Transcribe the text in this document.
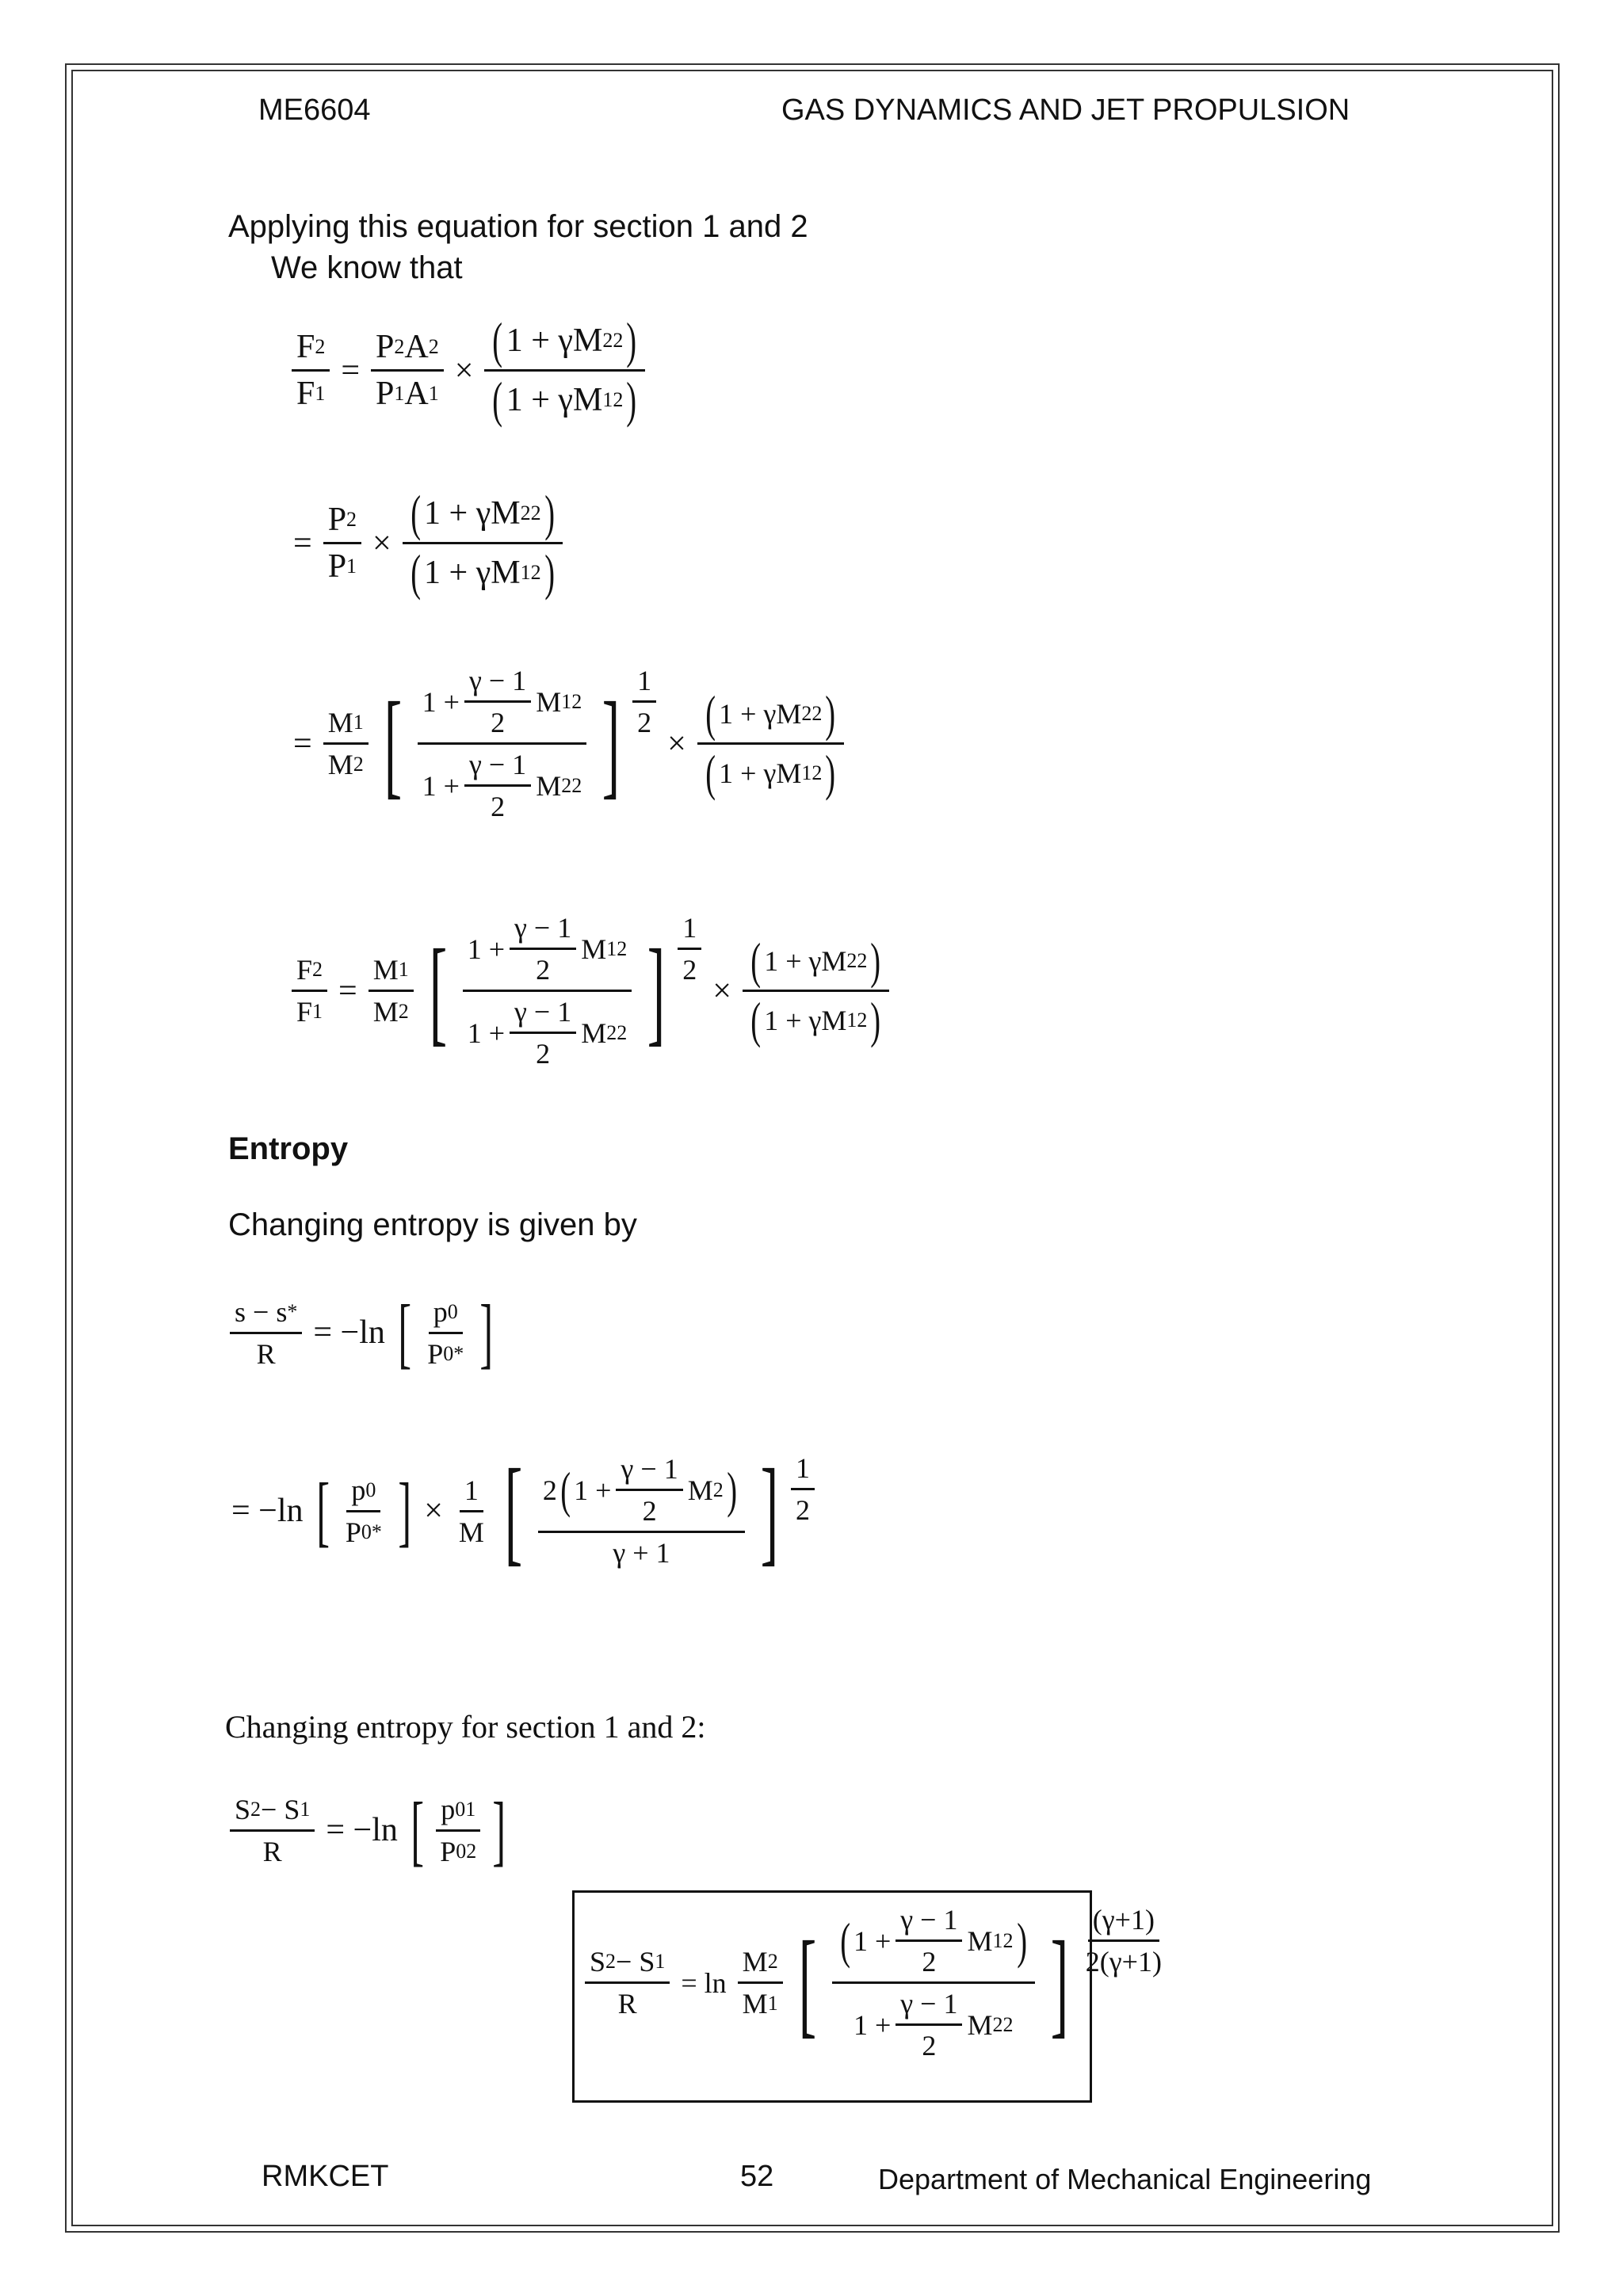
ME6604	GAS DYNAMICS AND JET PROPULSION
Applying this equation for section 1 and 2
We know that
$\frac{F 2}{F 1} = \frac{P 2 A 2}{P 1 A 1} \times \frac{( 1 + \gamma M 2 2 )}{( 1 + \gamma M 1 2 )}$
= $\frac{P 2}{P 1} \times \frac{( 1 + \gamma M 2 2 )}{( 1 + \gamma M 1 2 )}$
= $\frac{M 1}{M 2}$ [ $\frac{1 + \frac{\gamma - 1}{2} M 1 2}{1 + \frac{\gamma - 1}{2} M 2 2}$ ] $\frac{1}{2}$
× $\frac{( 1 + \gamma M 2 2 )}{( 1 + \gamma M 1 2 )}$
$\frac{F 2}{F 1} = \frac{M 1}{M 2}$ [ $\frac{1 + \frac{\gamma - 1}{2} M 1 2}{1 + \frac{\gamma - 1}{2} M 2 2}$ ] $\frac{1}{2}$
× $\frac{( 1 + \gamma M 2 2 )}{( 1 + \gamma M 1 2 )}$
Entropy
Changing entropy is given by
$\frac{s - s *}{R} = -\ln$ [ $\frac{p 0}{P 0 *}$ ]
= −ln [ $\frac{p 0}{P 0 *}$ ] × $\frac{1}{M}$ [ $\frac{2 ( 1 + \frac{\gamma - 1}{2} M 2 )}{\gamma + 1}$ ] $\frac{1}{2}$
Changing entropy for section 1 and 2:
$\frac{S 2 - S 1}{R} = -\ln$ [ $\frac{p 01}{P 02}$ ]
$\frac{S 2 - S 1}{R} = \ln \frac{M 2}{M 1}$ [ $\frac{( 1 + \frac{\gamma - 1}{2} M 1 2 )}{1 + \frac{\gamma - 1}{2} M 2 2}$ ] $\frac{(\gamma+1)}{2(\gamma+1)}$
RMKCET	52	Department of Mechanical Engineering
